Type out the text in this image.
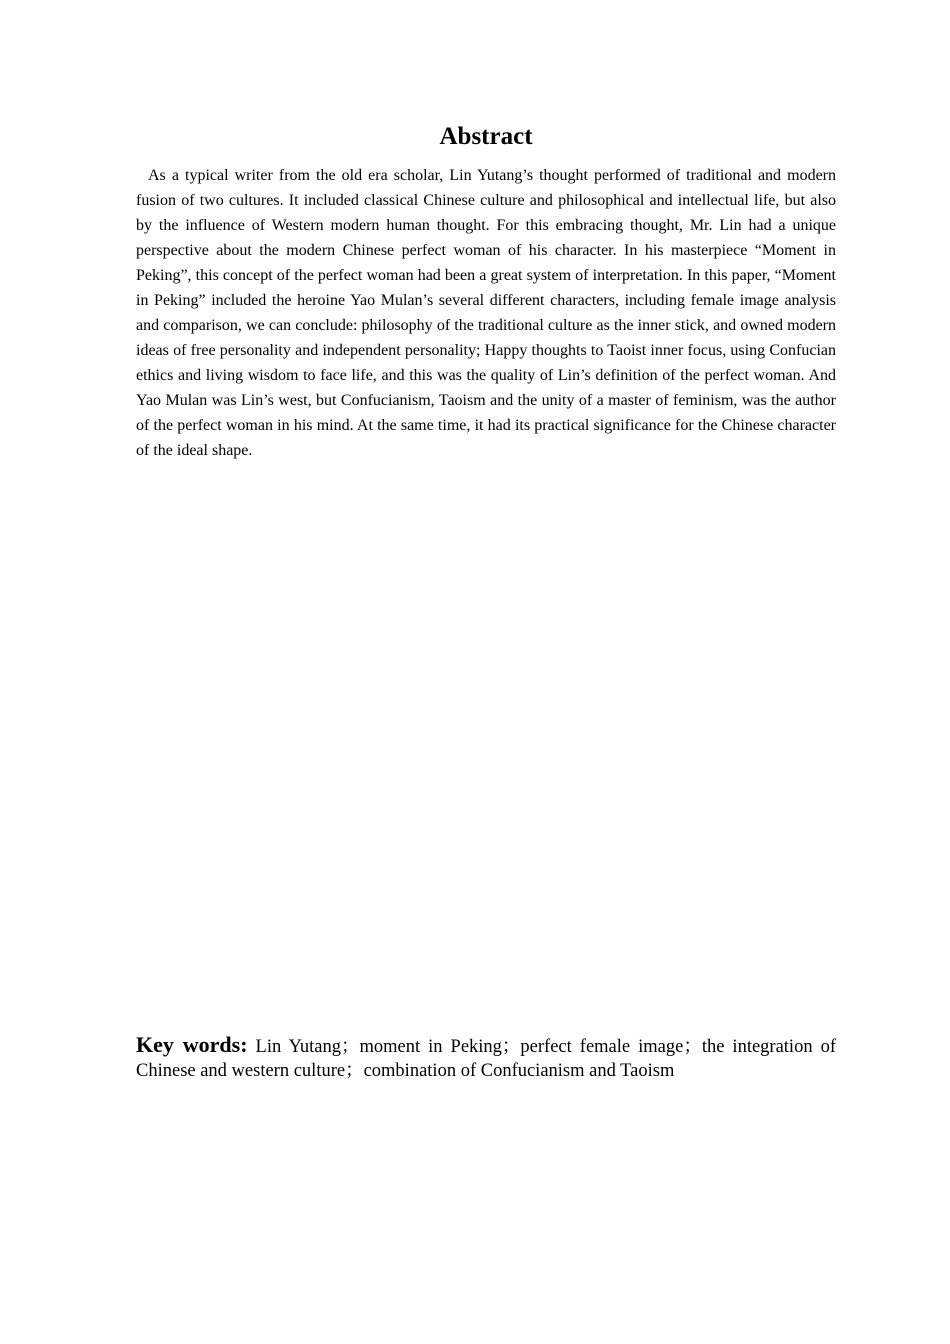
Abstract

As a typical writer from the old era scholar, Lin Yutang’s thought performed of traditional and modern fusion of two cultures. It included classical Chinese culture and philosophical and intellectual life, but also by the influence of Western modern human thought. For this embracing thought, Mr. Lin had a unique perspective about the modern Chinese perfect woman of his character. In his masterpiece “Moment in Peking”, this concept of the perfect woman had been a great system of interpretation. In this paper, “Moment in Peking” included the heroine Yao Mulan’s several different characters, including female image analysis and comparison, we can conclude: philosophy of the traditional culture as the inner stick, and owned modern ideas of free personality and independent personality; Happy thoughts to Taoist inner focus, using Confucian ethics and living wisdom to face life, and this was the quality of Lin’s definition of the perfect woman. And Yao Mulan was Lin’s west, but Confucianism, Taoism and the unity of a master of feminism, was the author of the perfect woman in his mind. At the same time, it had its practical significance for the Chinese character of the ideal shape.

Key words: Lin Yutang；moment in Peking；perfect female image；the integration of Chinese and western culture；combination of Confucianism and Taoism
